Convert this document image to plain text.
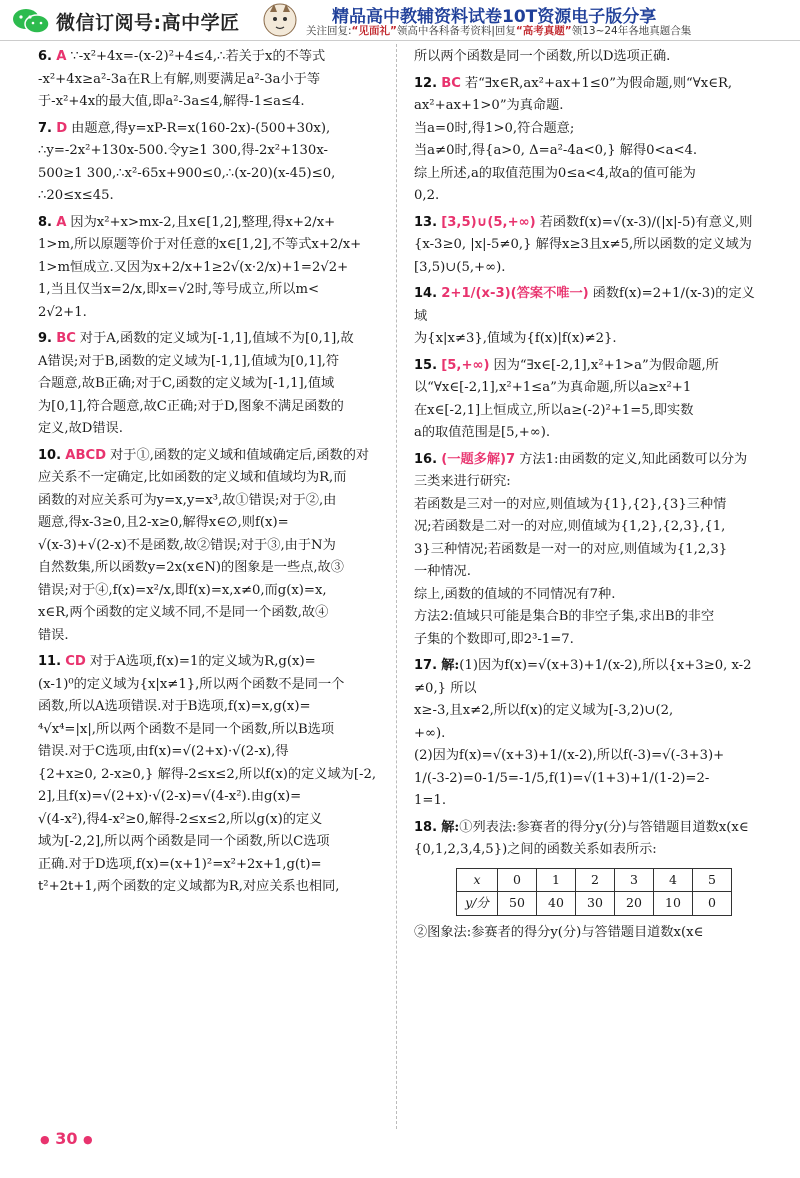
微信订阅号:高中学匠	精品高中教辅资料试卷10T资源电子版分享
关注回复:“见面礼”领高中各科备考资料|回复“高考真题”领13~24年各地真题合集
6. A ∵-x²+4x=-(x-2)²+4≤4,∴若关于x的不等式
-x²+4x≥a²-3a在R上有解,则要满足a²-3a小于等
于-x²+4x的最大值,即a²-3a≤4,解得-1≤a≤4.
7. D 由题意,得y=xP-R=x(160-2x)-(500+30x),
∴y=-2x²+130x-500.令y≥1 300,得-2x²+130x-
500≥1 300,∴x²-65x+900≤0,∴(x-20)(x-45)≤0,
∴20≤x≤45.
8. A 因为x²+x>mx-2,且x∈[1,2],整理,得x+2/x+
1>m,所以原题等价于对任意的x∈[1,2],不等式x+2/x+
1>m恒成立.又因为x+2/x+1≥2√(x·2/x)+1=2√2+
1,当且仅当x=2/x,即x=√2时,等号成立,所以m<
2√2+1.
9. BC 对于A,函数的定义域为[-1,1],值域不为[0,1],故
A错误;对于B,函数的定义域为[-1,1],值域为[0,1],符
合题意,故B正确;对于C,函数的定义域为[-1,1],值域
为[0,1],符合题意,故C正确;对于D,图象不满足函数的
定义,故D错误.
10. ABCD 对于①,函数的定义域和值域确定后,函数的对
应关系不一定确定,比如函数的定义域和值域均为R,而
函数的对应关系可为y=x,y=x³,故①错误;对于②,由
题意,得x-3≥0,且2-x≥0,解得x∈∅,则f(x)=
√(x-3)+√(2-x)不是函数,故②错误;对于③,由于N为
自然数集,所以函数y=2x(x∈N)的图象是一些点,故③
错误;对于④,f(x)=x²/x,即f(x)=x,x≠0,而g(x)=x,
x∈R,两个函数的定义域不同,不是同一个函数,故④
错误.
11. CD 对于A选项,f(x)=1的定义域为R,g(x)=
(x-1)⁰的定义域为{x|x≠1},所以两个函数不是同一个
函数,所以A选项错误.对于B选项,f(x)=x,g(x)=
⁴√x⁴=|x|,所以两个函数不是同一个函数,所以B选项
错误.对于C选项,由f(x)=√(2+x)·√(2-x),得
{2+x≥0, 2-x≥0,} 解得-2≤x≤2,所以f(x)的定义域为[-2,
2],且f(x)=√(2+x)·√(2-x)=√(4-x²).由g(x)=
√(4-x²),得4-x²≥0,解得-2≤x≤2,所以g(x)的定义
域为[-2,2],所以两个函数是同一个函数,所以C选项
正确.对于D选项,f(x)=(x+1)²=x²+2x+1,g(t)=
t²+2t+1,两个函数的定义域都为R,对应关系也相同,
所以两个函数是同一个函数,所以D选项正确.
12. BC 若“∃x∈R,ax²+ax+1≤0”为假命题,则“∀x∈R,
ax²+ax+1>0”为真命题.
当a=0时,得1>0,符合题意;
当a≠0时,得{a>0, Δ=a²-4a<0,} 解得0<a<4.
综上所述,a的取值范围为0≤a<4,故a的值可能为
0,2.
13. [3,5)∪(5,+∞) 若函数f(x)=√(x-3)/(|x|-5)有意义,则
{x-3≥0, |x|-5≠0,} 解得x≥3且x≠5,所以函数的定义域为
[3,5)∪(5,+∞).
14. 2+1/(x-3)(答案不唯一) 函数f(x)=2+1/(x-3)的定义域
为{x|x≠3},值域为{f(x)|f(x)≠2}.
15. [5,+∞) 因为“∃x∈[-2,1],x²+1>a”为假命题,所
以“∀x∈[-2,1],x²+1≤a”为真命题,所以a≥x²+1
在x∈[-2,1]上恒成立,所以a≥(-2)²+1=5,即实数
a的取值范围是[5,+∞).
16. (一题多解)7 方法1:由函数的定义,知此函数可以分为
三类来进行研究:
若函数是三对一的对应,则值域为{1},{2},{3}三种情
况;若函数是二对一的对应,则值域为{1,2},{2,3},{1,
3}三种情况;若函数是一对一的对应,则值域为{1,2,3}
一种情况.
综上,函数的值域的不同情况有7种.
方法2:值域只可能是集合B的非空子集,求出B的非空
子集的个数即可,即2³-1=7.
17. 解:(1)因为f(x)=√(x+3)+1/(x-2),所以{x+3≥0, x-2≠0,} 所以
x≥-3,且x≠2,所以f(x)的定义域为[-3,2)∪(2,
+∞).
(2)因为f(x)=√(x+3)+1/(x-2),所以f(-3)=√(-3+3)+
1/(-3-2)=0-1/5=-1/5,f(1)=√(1+3)+1/(1-2)=2-
1=1.
18. 解:①列表法:参赛者的得分y(分)与答错题目道数x(x∈
{0,1,2,3,4,5})之间的函数关系如表所示:
x	0	1	2	3	4	5
y/分	50	40	30	20	10	0
②图象法:参赛者的得分y(分)与答错题目道数x(x∈
● 30 ●
